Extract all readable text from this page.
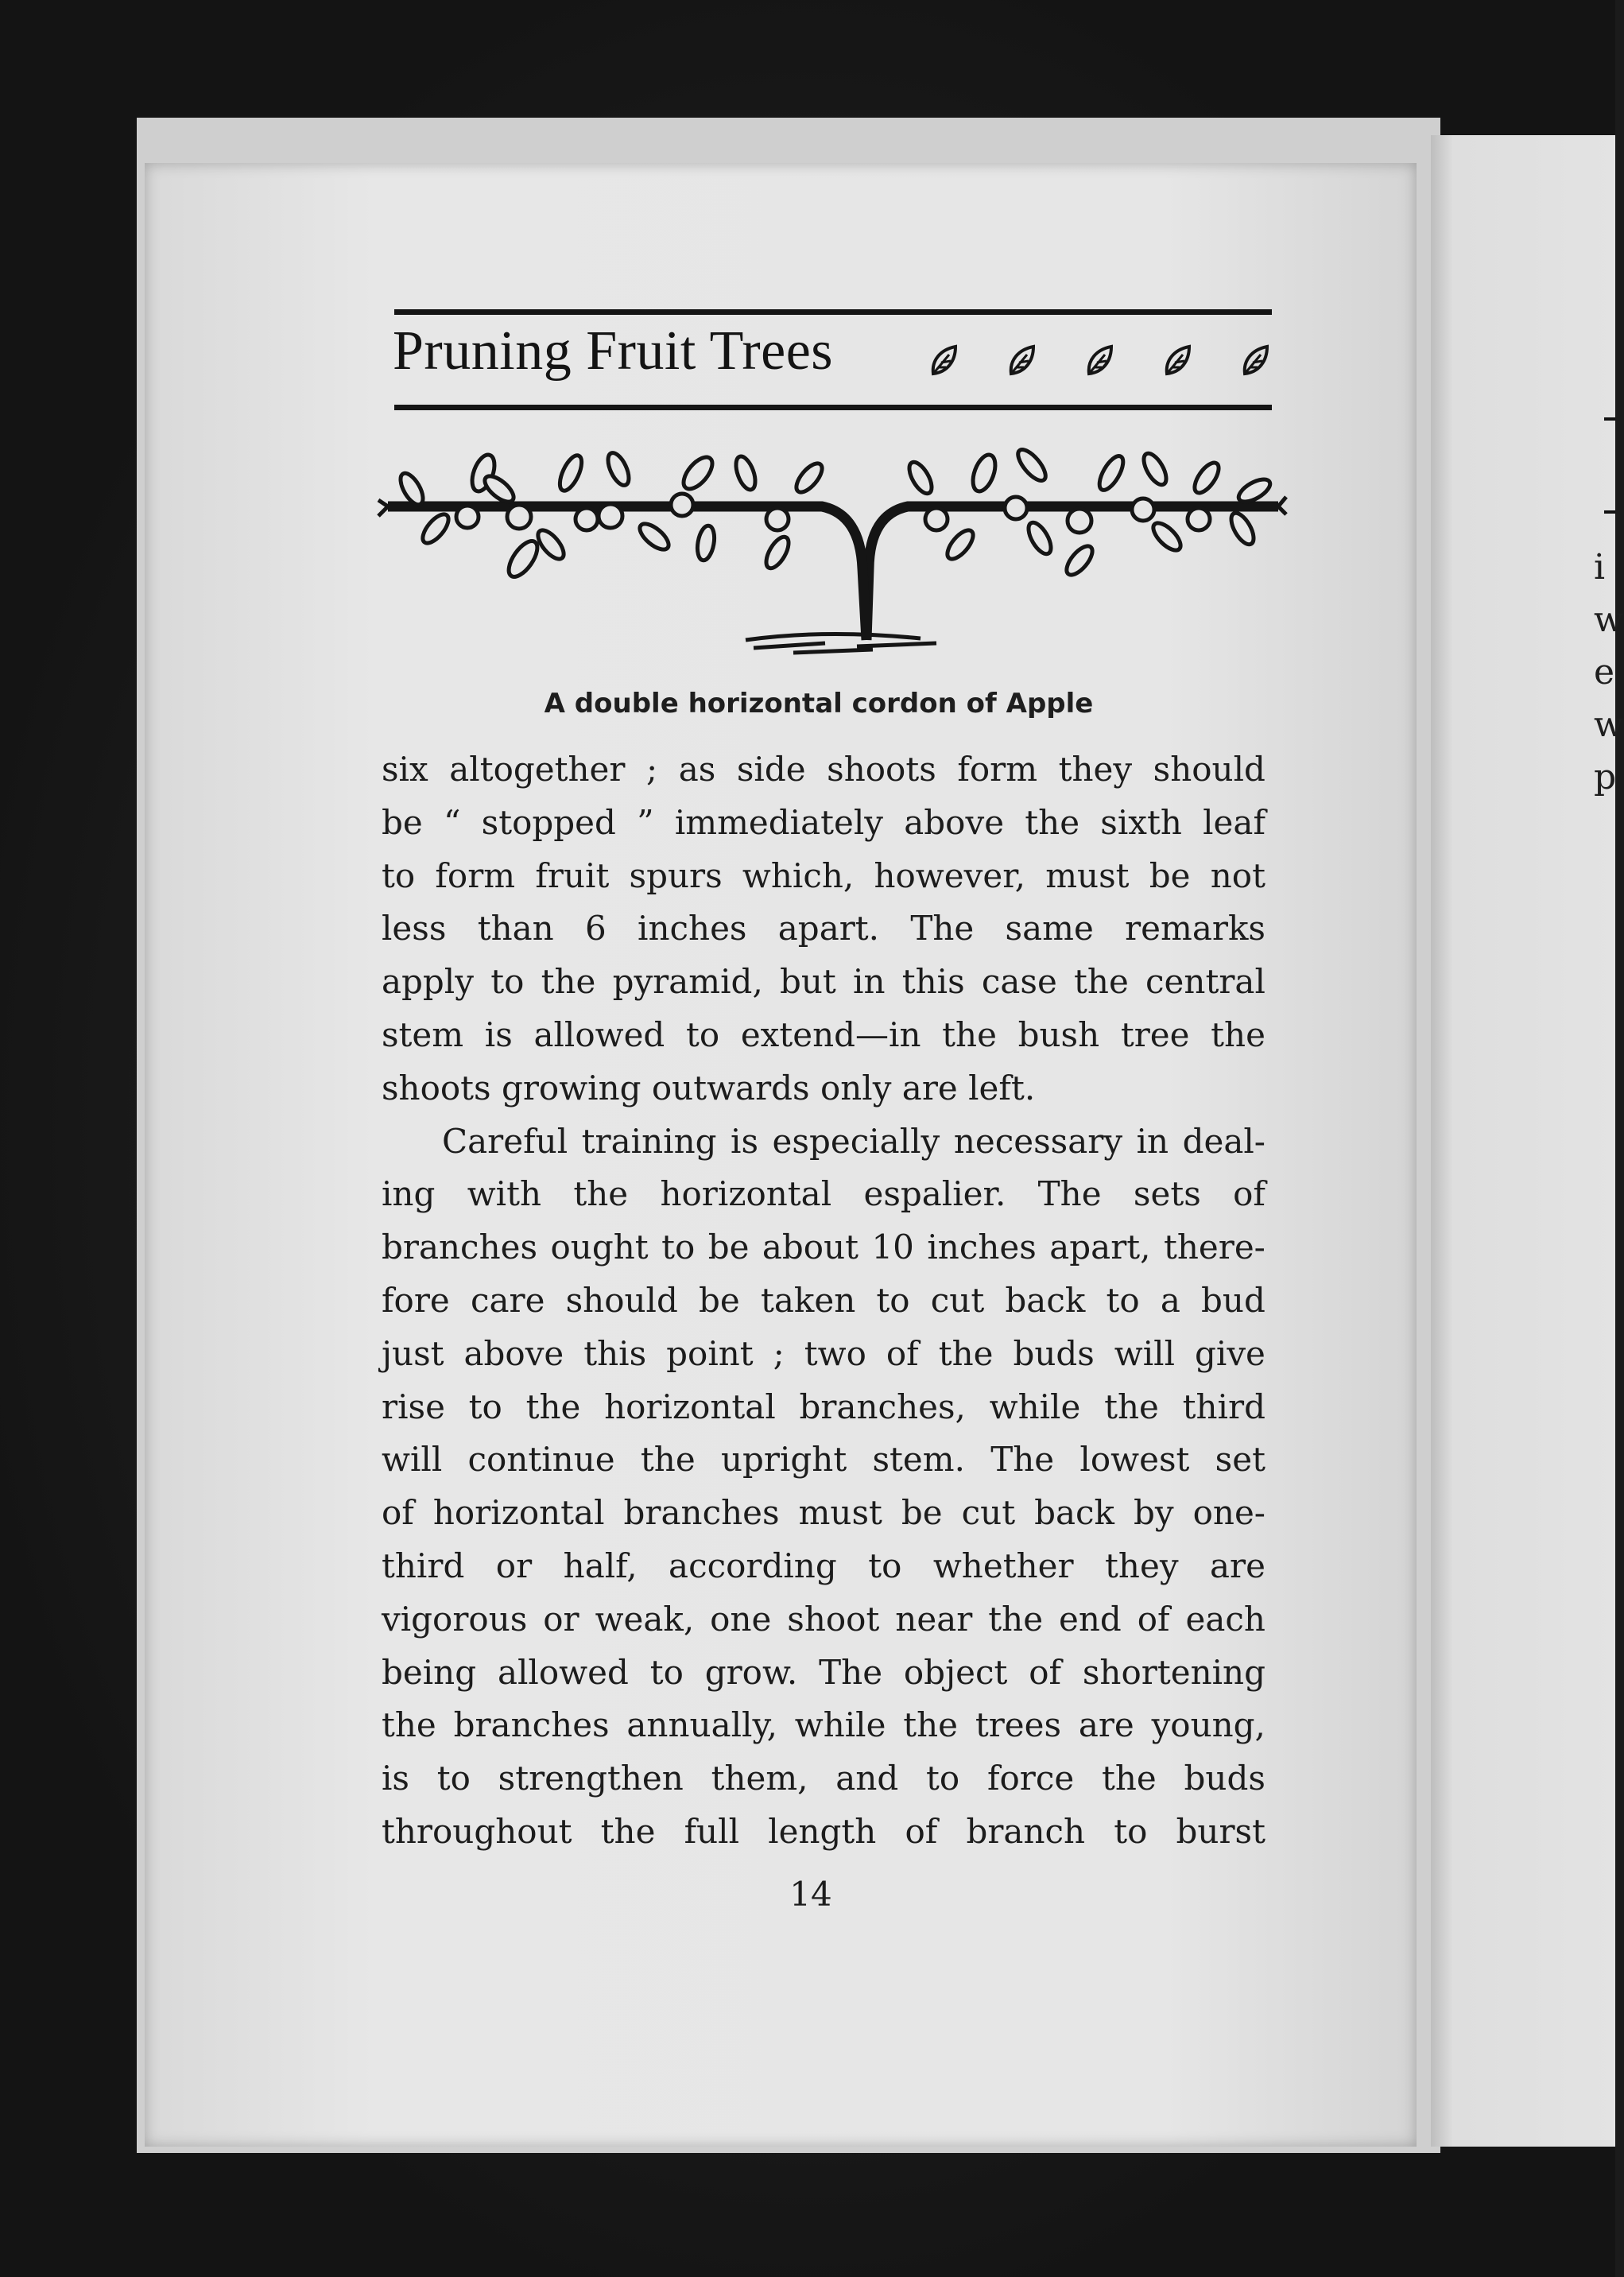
i
w
e
w
p
Pruning Fruit Trees
A double horizontal cordon of Apple
six altogether ; as side shoots form they should
be “ stopped ” immediately above the sixth leaf
to form fruit spurs which, however, must be not
less than 6 inches apart. The same remarks
apply to the pyramid, but in this case the central
stem is allowed to extend—in the bush tree the
shoots growing outwards only are left.
Careful training is especially necessary in deal-
ing with the horizontal espalier. The sets of
branches ought to be about 10 inches apart, there-
fore care should be taken to cut back to a bud
just above this point ; two of the buds will give
rise to the horizontal branches, while the third
will continue the upright stem. The lowest set
of horizontal branches must be cut back by one-
third or half, according to whether they are
vigorous or weak, one shoot near the end of each
being allowed to grow. The object of shortening
the branches annually, while the trees are young,
is to strengthen them, and to force the buds
throughout the full length of branch to burst
14
